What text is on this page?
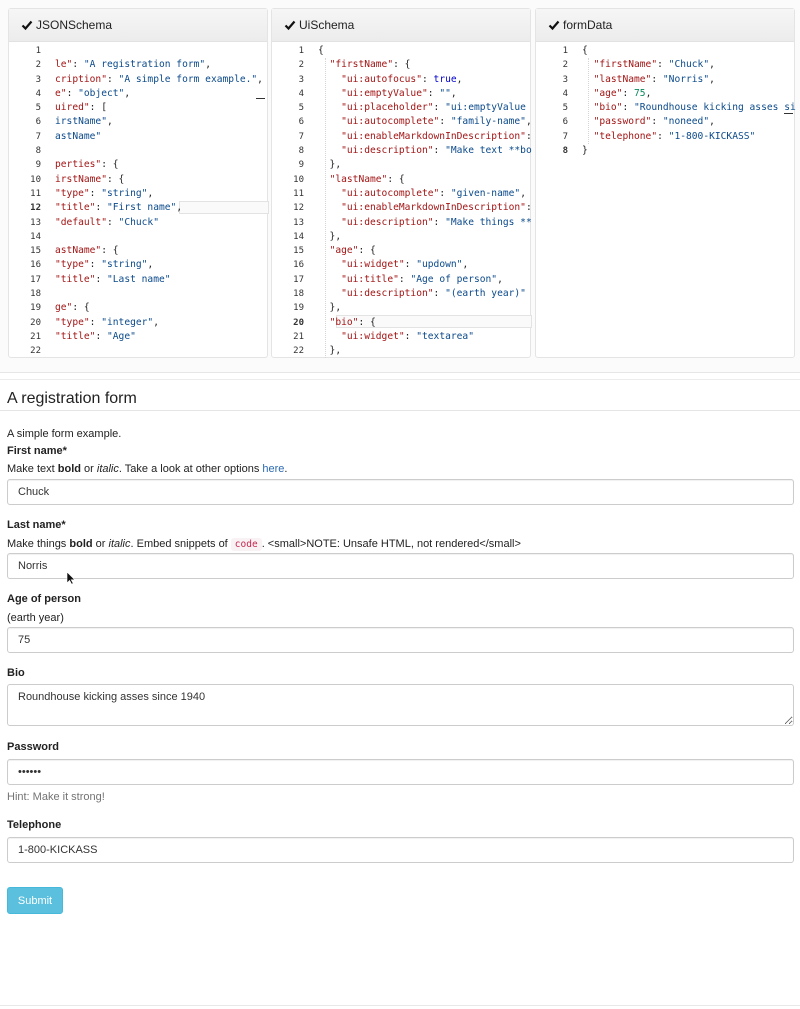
JSONSchema
1
2
3
4
5
6
7
8
9
10
11
12
13
14
15
16
17
18
19
20
21
22
le": "A registration form",
cription": "A simple form example.",
e": "object",
uired": [
irstName",
astName"
perties": {
irstName": {
"type": "string",
"title": "First name",
"default": "Chuck"
astName": {
"type": "string",
"title": "Last name"
ge": {
"type": "integer",
"title": "Age"
UiSchema
1
2
3
4
5
6
7
8
9
10
11
12
13
14
15
16
17
18
19
20
21
22
{
"firstName": {
"ui:autofocus": true,
"ui:emptyValue": "",
"ui:placeholder": "ui:emptyValue
"ui:autocomplete": "family-name",
"ui:enableMarkdownInDescription":
"ui:description": "Make text **bo
},
"lastName": {
"ui:autocomplete": "given-name",
"ui:enableMarkdownInDescription":
"ui:description": "Make things **
},
"age": {
"ui:widget": "updown",
"ui:title": "Age of person",
"ui:description": "(earth year)"
},
"bio": {
"ui:widget": "textarea"
},
formData
1
2
3
4
5
6
7
8
{
"firstName": "Chuck",
"lastName": "Norris",
"age": 75,
"bio": "Roundhouse kicking asses si
"password": "noneed",
"telephone": "1-800-KICKASS"
}
A registration form
A simple form example.
First name*
Make text bold or italic. Take a look at other options here.
Chuck
Last name*
Make things bold or italic. Embed snippets of code . <small>NOTE: Unsafe HTML, not rendered</small>
Norris
Age of person
(earth year)
75
Bio
Roundhouse kicking asses since 1940
Password
Hint: Make it strong!
Telephone
1-800-KICKASS
Submit
